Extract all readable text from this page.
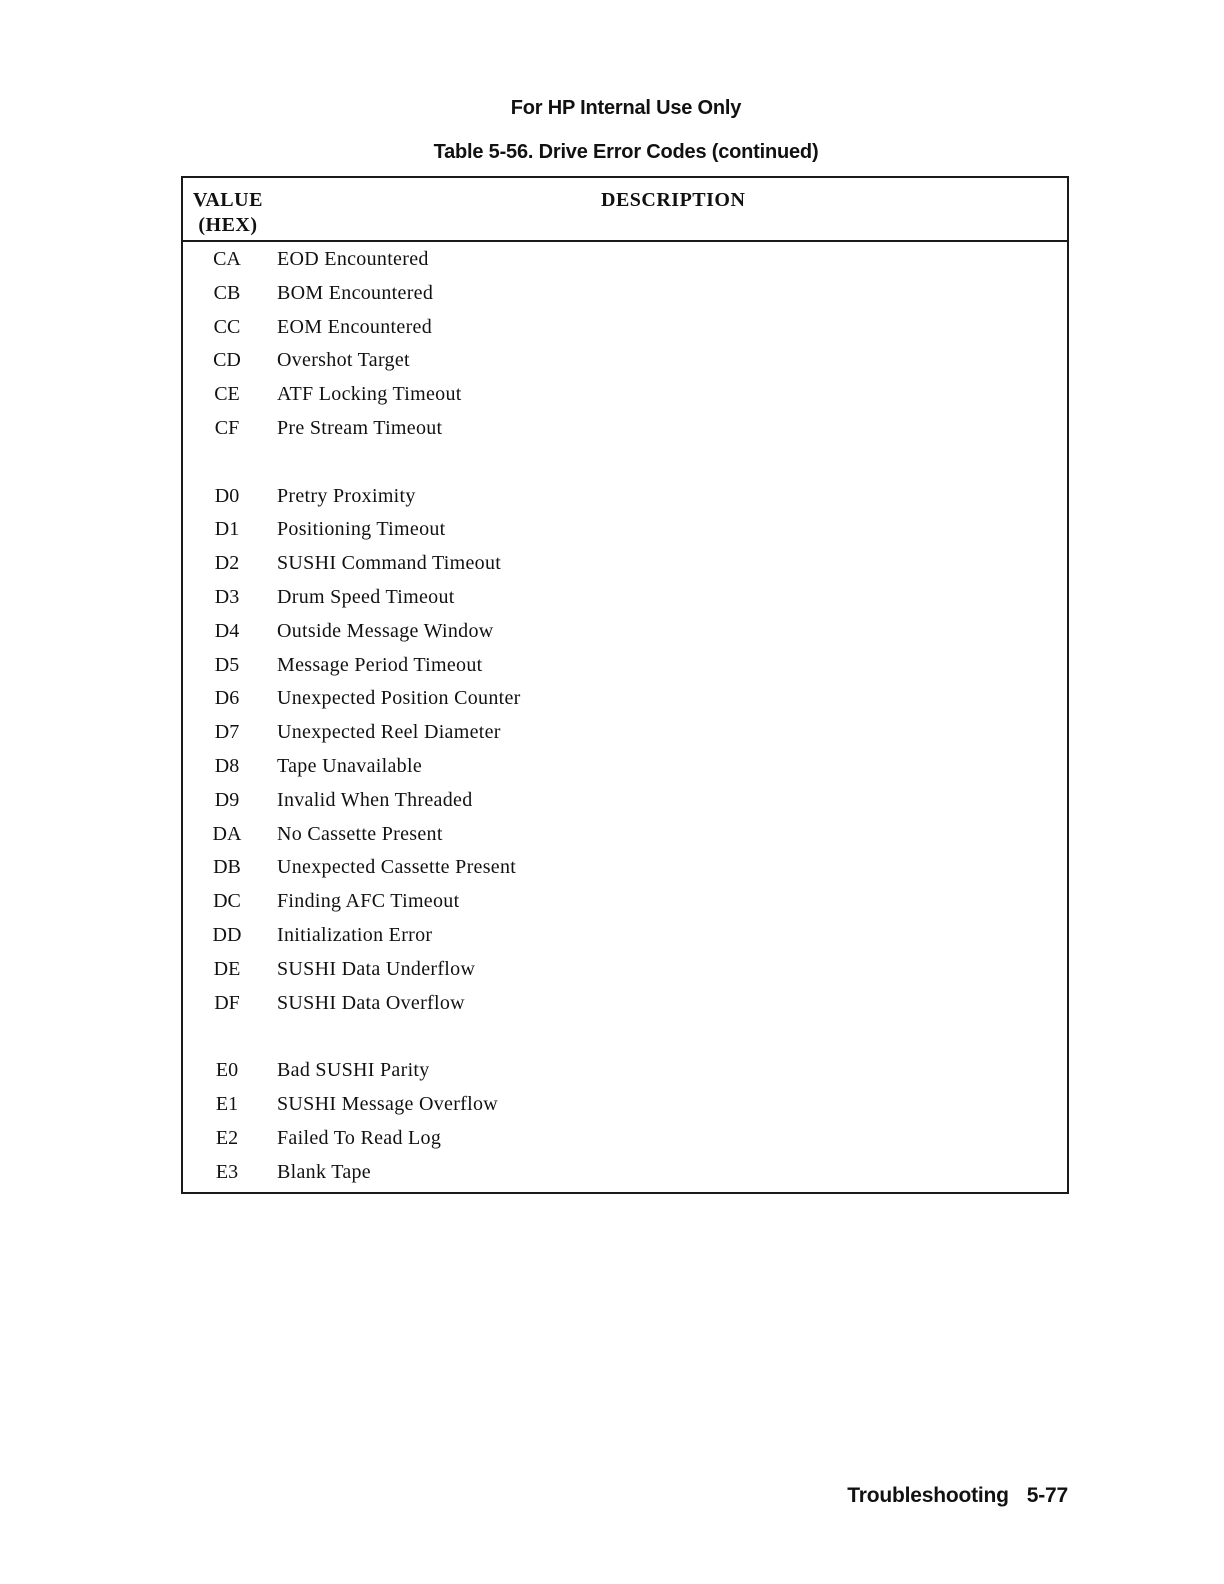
For HP Internal Use Only
Table 5-56. Drive Error Codes (continued)
VALUE
(HEX)
DESCRIPTION
CA	EOD Encountered
CB	BOM Encountered
CC	EOM Encountered
CD	Overshot Target
CE	ATF Locking Timeout
CF	Pre Stream Timeout
D0	Pretry Proximity
D1	Positioning Timeout
D2	SUSHI Command Timeout
D3	Drum Speed Timeout
D4	Outside Message Window
D5	Message Period Timeout
D6	Unexpected Position Counter
D7	Unexpected Reel Diameter
D8	Tape Unavailable
D9	Invalid When Threaded
DA	No Cassette Present
DB	Unexpected Cassette Present
DC	Finding AFC Timeout
DD	Initialization Error
DE	SUSHI Data Underflow
DF	SUSHI Data Overflow
E0	Bad SUSHI Parity
E1	SUSHI Message Overflow
E2	Failed To Read Log
E3	Blank Tape
Troubleshooting 5-77
